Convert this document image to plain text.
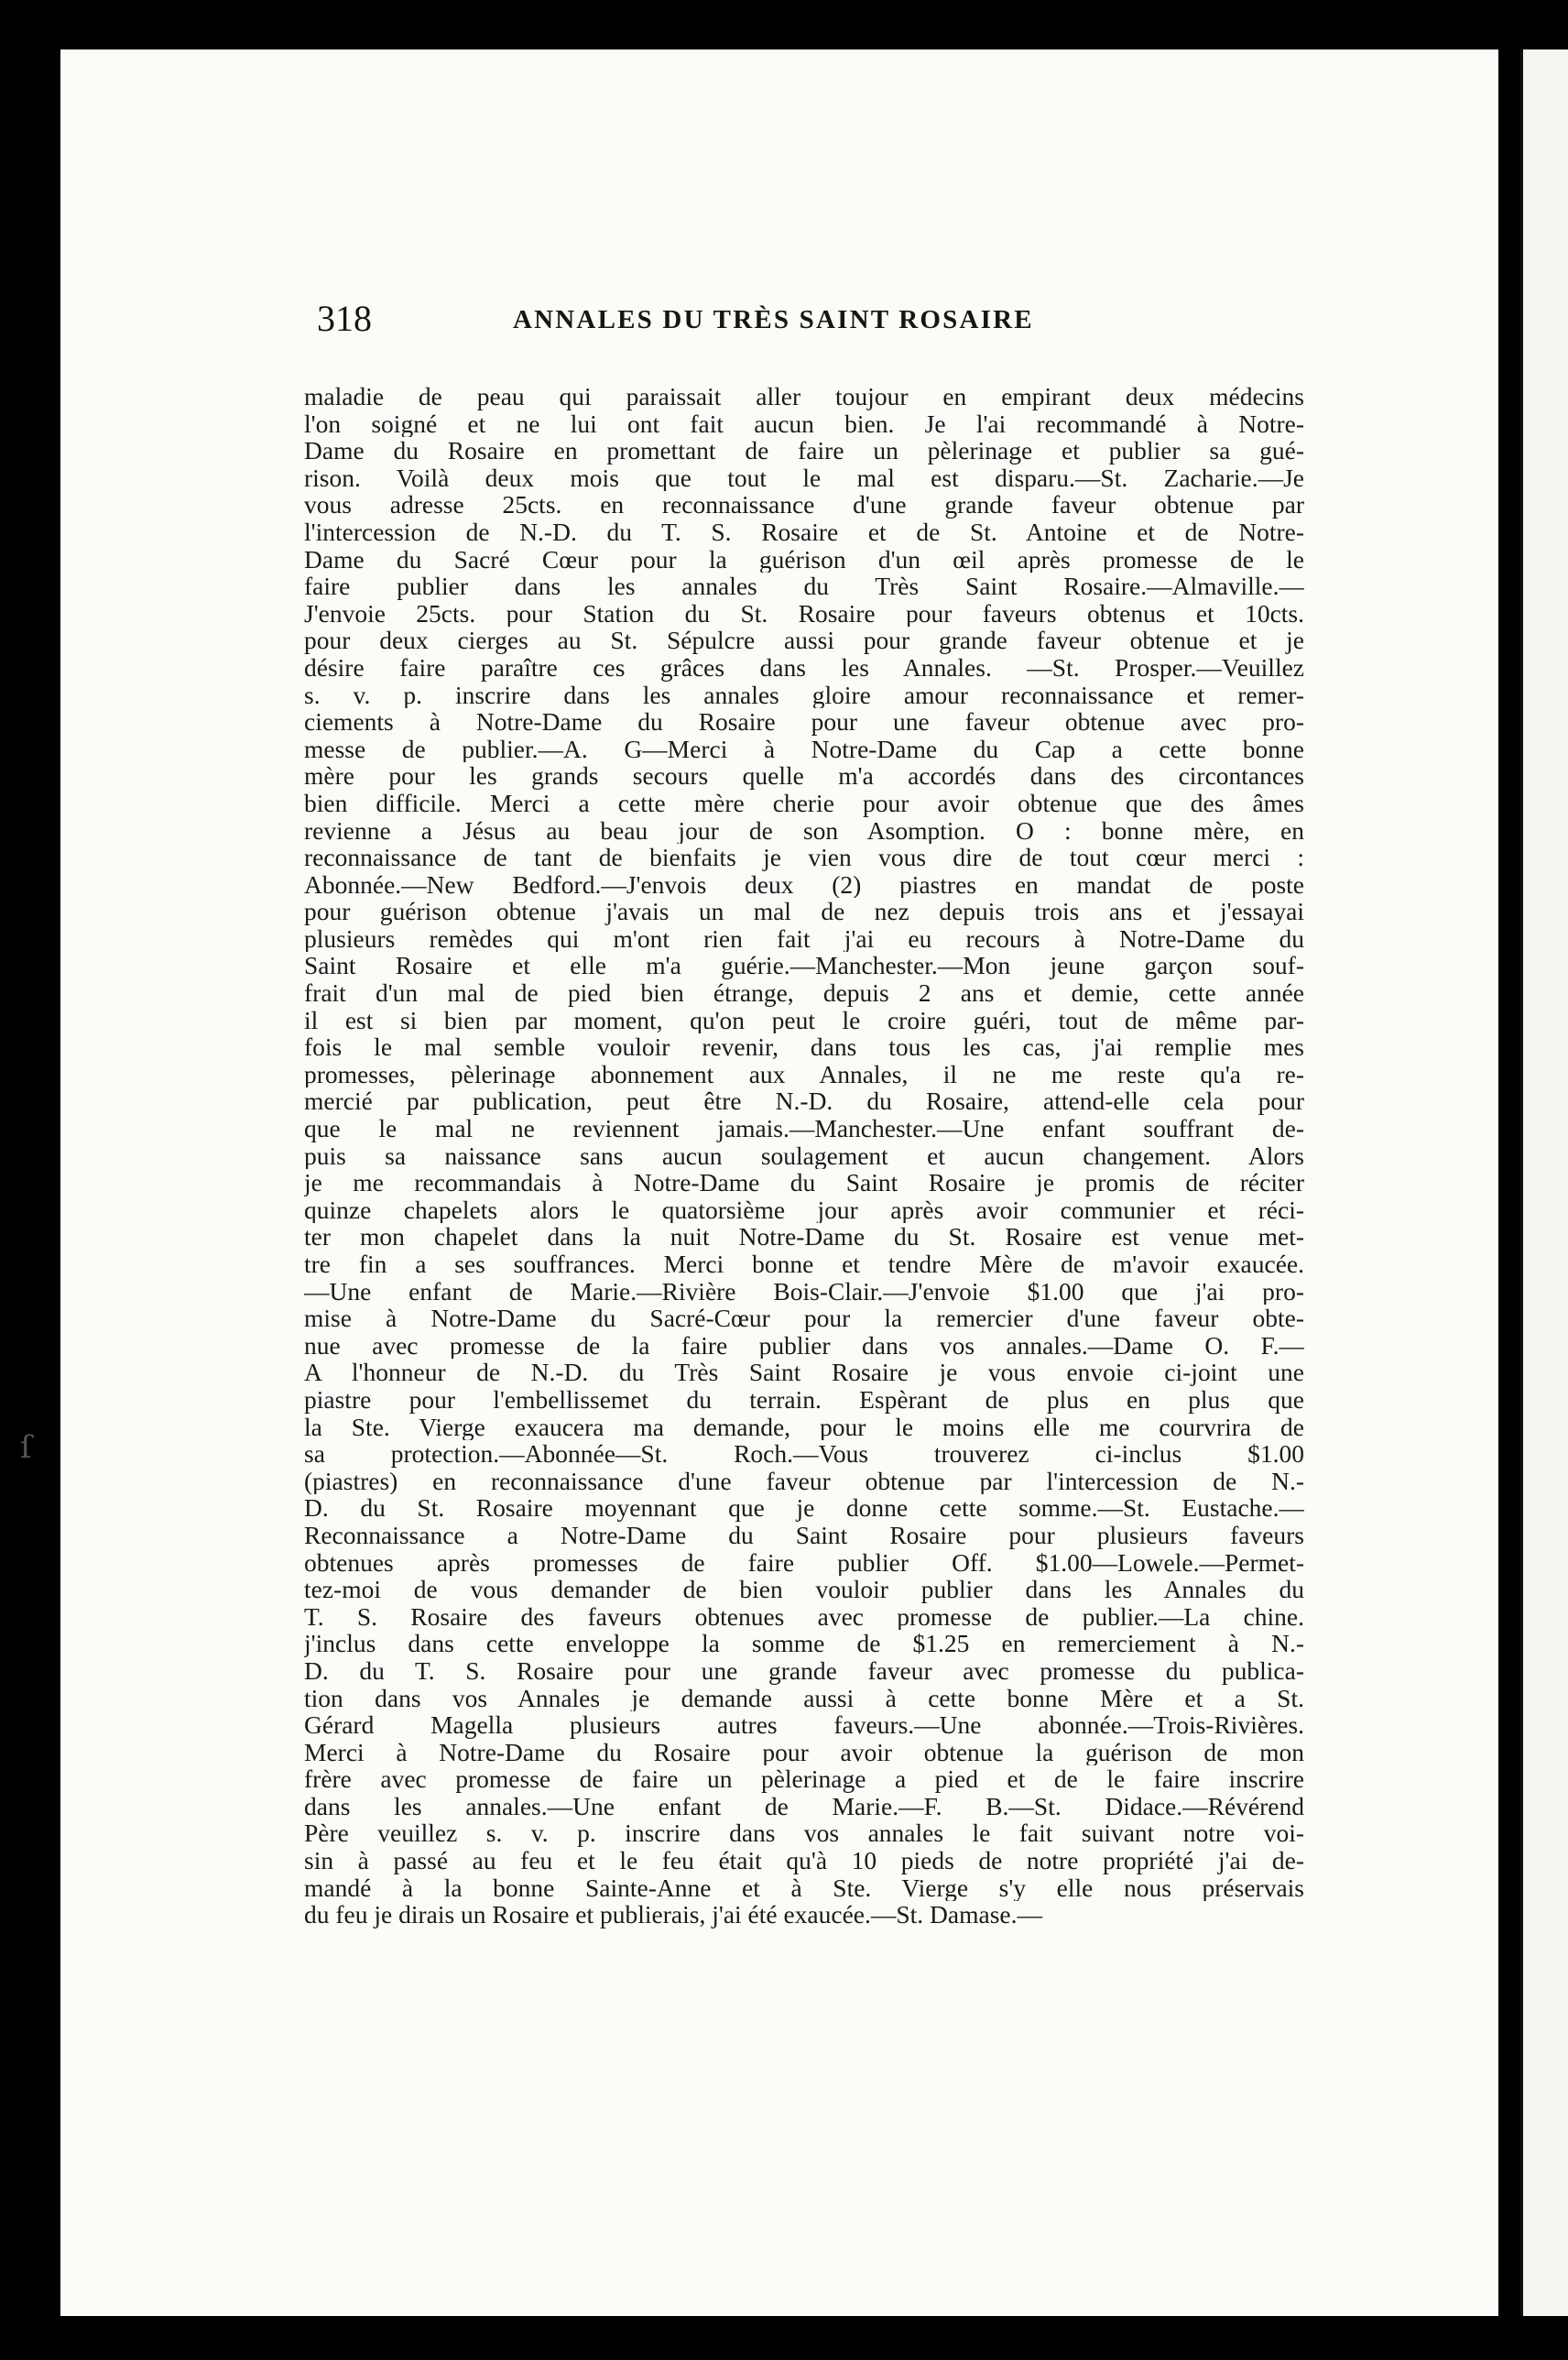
ſ
318	ANNALES DU TRÈS SAINT ROSAIRE
maladie de peau qui paraissait aller toujour en empirant deux médecins
l'on soigné et ne lui ont fait aucun bien. Je l'ai recommandé à Notre-
Dame du Rosaire en promettant de faire un pèlerinage et publier sa gué-
rison. Voilà deux mois que tout le mal est disparu.—St. Zacharie.—Je
vous adresse 25cts. en reconnaissance d'une grande faveur obtenue par
l'intercession de N.-D. du T. S. Rosaire et de St. Antoine et de Notre-
Dame du Sacré Cœur pour la guérison d'un œil après promesse de le
faire publier dans les annales du Très Saint Rosaire.—Almaville.—
J'envoie 25cts. pour Station du St. Rosaire pour faveurs obtenus et 10cts.
pour deux cierges au St. Sépulcre aussi pour grande faveur obtenue et je
désire faire paraître ces grâces dans les Annales. —St. Prosper.—Veuillez
s. v. p. inscrire dans les annales gloire amour reconnaissance et remer-
ciements à Notre-Dame du Rosaire pour une faveur obtenue avec pro-
messe de publier.—A. G—Merci à Notre-Dame du Cap a cette bonne
mère pour les grands secours quelle m'a accordés dans des circontances
bien difficile. Merci a cette mère cherie pour avoir obtenue que des âmes
revienne a Jésus au beau jour de son Asomption. O : bonne mère, en
reconnaissance de tant de bienfaits je vien vous dire de tout cœur merci :
Abonnée.—New Bedford.—J'envois deux (2) piastres en mandat de poste
pour guérison obtenue j'avais un mal de nez depuis trois ans et j'essayai
plusieurs remèdes qui m'ont rien fait j'ai eu recours à Notre-Dame du
Saint Rosaire et elle m'a guérie.—Manchester.—Mon jeune garçon souf-
frait d'un mal de pied bien étrange, depuis 2 ans et demie, cette année
il est si bien par moment, qu'on peut le croire guéri, tout de même par-
fois le mal semble vouloir revenir, dans tous les cas, j'ai remplie mes
promesses, pèlerinage abonnement aux Annales, il ne me reste qu'a re-
mercié par publication, peut être N.-D. du Rosaire, attend-elle cela pour
que le mal ne reviennent jamais.—Manchester.—Une enfant souffrant de-
puis sa naissance sans aucun soulagement et aucun changement. Alors
je me recommandais à Notre-Dame du Saint Rosaire je promis de réciter
quinze chapelets alors le quatorsième jour après avoir communier et réci-
ter mon chapelet dans la nuit Notre-Dame du St. Rosaire est venue met-
tre fin a ses souffrances. Merci bonne et tendre Mère de m'avoir exaucée.
—Une enfant de Marie.—Rivière Bois-Clair.—J'envoie $1.00 que j'ai pro-
mise à Notre-Dame du Sacré-Cœur pour la remercier d'une faveur obte-
nue avec promesse de la faire publier dans vos annales.—Dame O. F.—
A l'honneur de N.-D. du Très Saint Rosaire je vous envoie ci-joint une
piastre pour l'embellissemet du terrain. Espèrant de plus en plus que
la Ste. Vierge exaucera ma demande, pour le moins elle me courvrira de
sa protection.—Abonnée—St. Roch.—Vous trouverez ci-inclus $1.00
(piastres) en reconnaissance d'une faveur obtenue par l'intercession de N.-
D. du St. Rosaire moyennant que je donne cette somme.—St. Eustache.—
Reconnaissance a Notre-Dame du Saint Rosaire pour plusieurs faveurs
obtenues après promesses de faire publier Off. $1.00—Lowele.—Permet-
tez-moi de vous demander de bien vouloir publier dans les Annales du
T. S. Rosaire des faveurs obtenues avec promesse de publier.—La chine.
j'inclus dans cette enveloppe la somme de $1.25 en remerciement à N.-
D. du T. S. Rosaire pour une grande faveur avec promesse du publica-
tion dans vos Annales je demande aussi à cette bonne Mère et a St.
Gérard Magella plusieurs autres faveurs.—Une abonnée.—Trois-Rivières.
Merci à Notre-Dame du Rosaire pour avoir obtenue la guérison de mon
frère avec promesse de faire un pèlerinage a pied et de le faire inscrire
dans les annales.—Une enfant de Marie.—F. B.—St. Didace.—Révérend
Père veuillez s. v. p. inscrire dans vos annales le fait suivant notre voi-
sin à passé au feu et le feu était qu'à 10 pieds de notre propriété j'ai de-
mandé à la bonne Sainte-Anne et à Ste. Vierge s'y elle nous préservais
du feu je dirais un Rosaire et publierais, j'ai été exaucée.—St. Damase.—
